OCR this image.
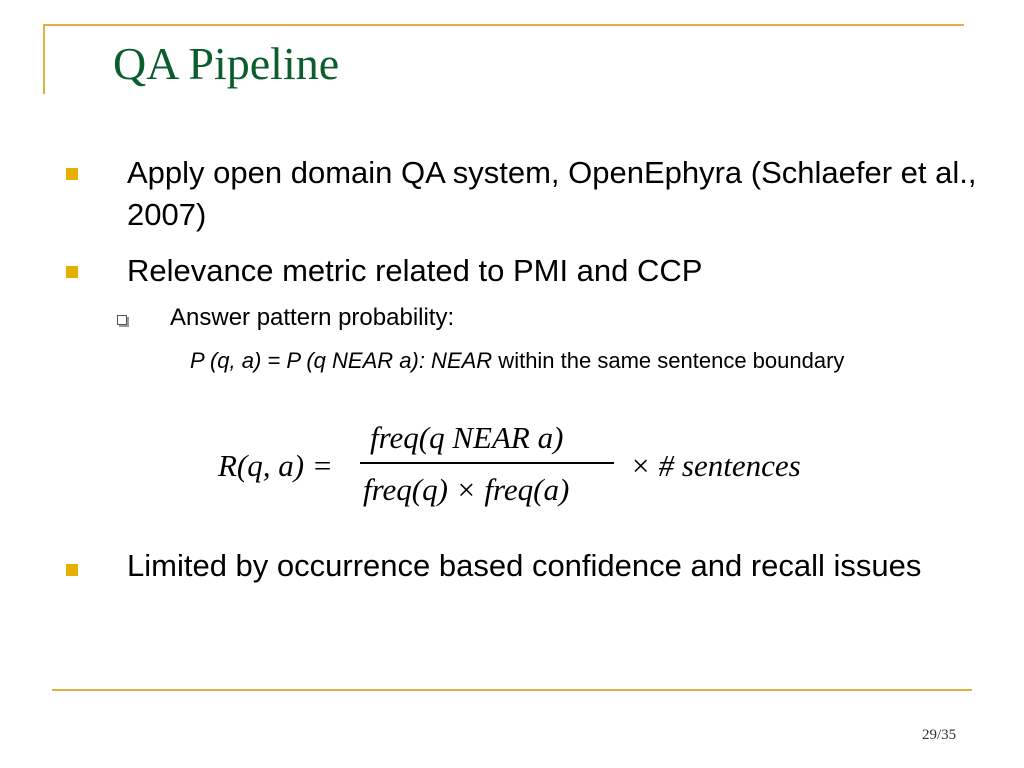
QA Pipeline
Apply open domain QA system, OpenEphyra (Schlaefer et al., 2007)
Relevance metric related to PMI and CCP
Answer pattern probability:
P (q, a) = P (q NEAR a): NEAR within the same sentence boundary
R(q, a) =
freq(q NEAR a)
freq(q) × freq(a)
× # sentences
Limited by occurrence based confidence and recall issues
29/35
